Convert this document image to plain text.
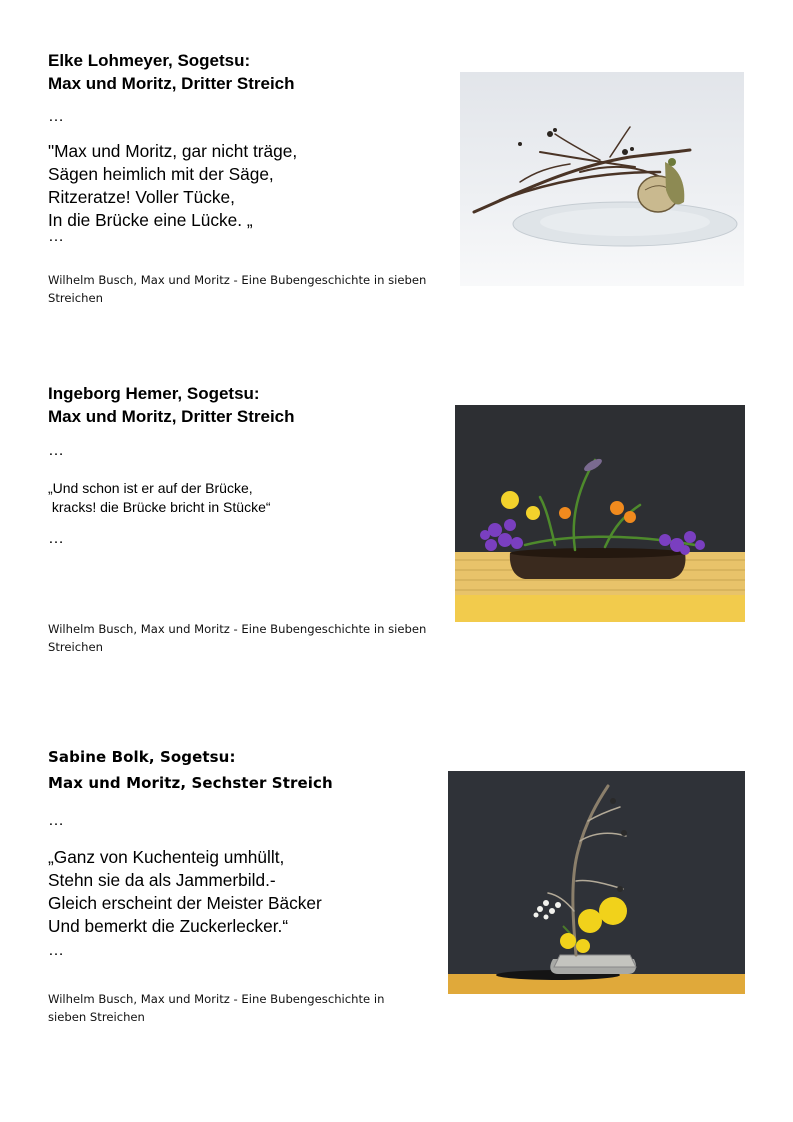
Elke Lohmeyer, Sogetsu:
Max und Moritz, Dritter Streich
…
"Max und Moritz, gar nicht träge,
Sägen heimlich mit der Säge,
Ritzeratze! Voller Tücke,
In die Brücke eine Lücke. „
…
Wilhelm Busch, Max und Moritz - Eine Bubengeschichte in sieben
Streichen
Ingeborg Hemer, Sogetsu:
Max und Moritz, Dritter Streich
…
„Und schon ist er auf der Brücke,
kracks! die Brücke bricht in Stücke“
…
Wilhelm Busch, Max und Moritz - Eine Bubengeschichte in sieben
Streichen
Sabine Bolk, Sogetsu:
Max und Moritz, Sechster Streich
…
„Ganz von Kuchenteig umhüllt,
Stehn sie da als Jammerbild.-
Gleich erscheint der Meister Bäcker
Und bemerkt die Zuckerlecker.“
…
Wilhelm Busch, Max und Moritz - Eine Bubengeschichte in
sieben Streichen
